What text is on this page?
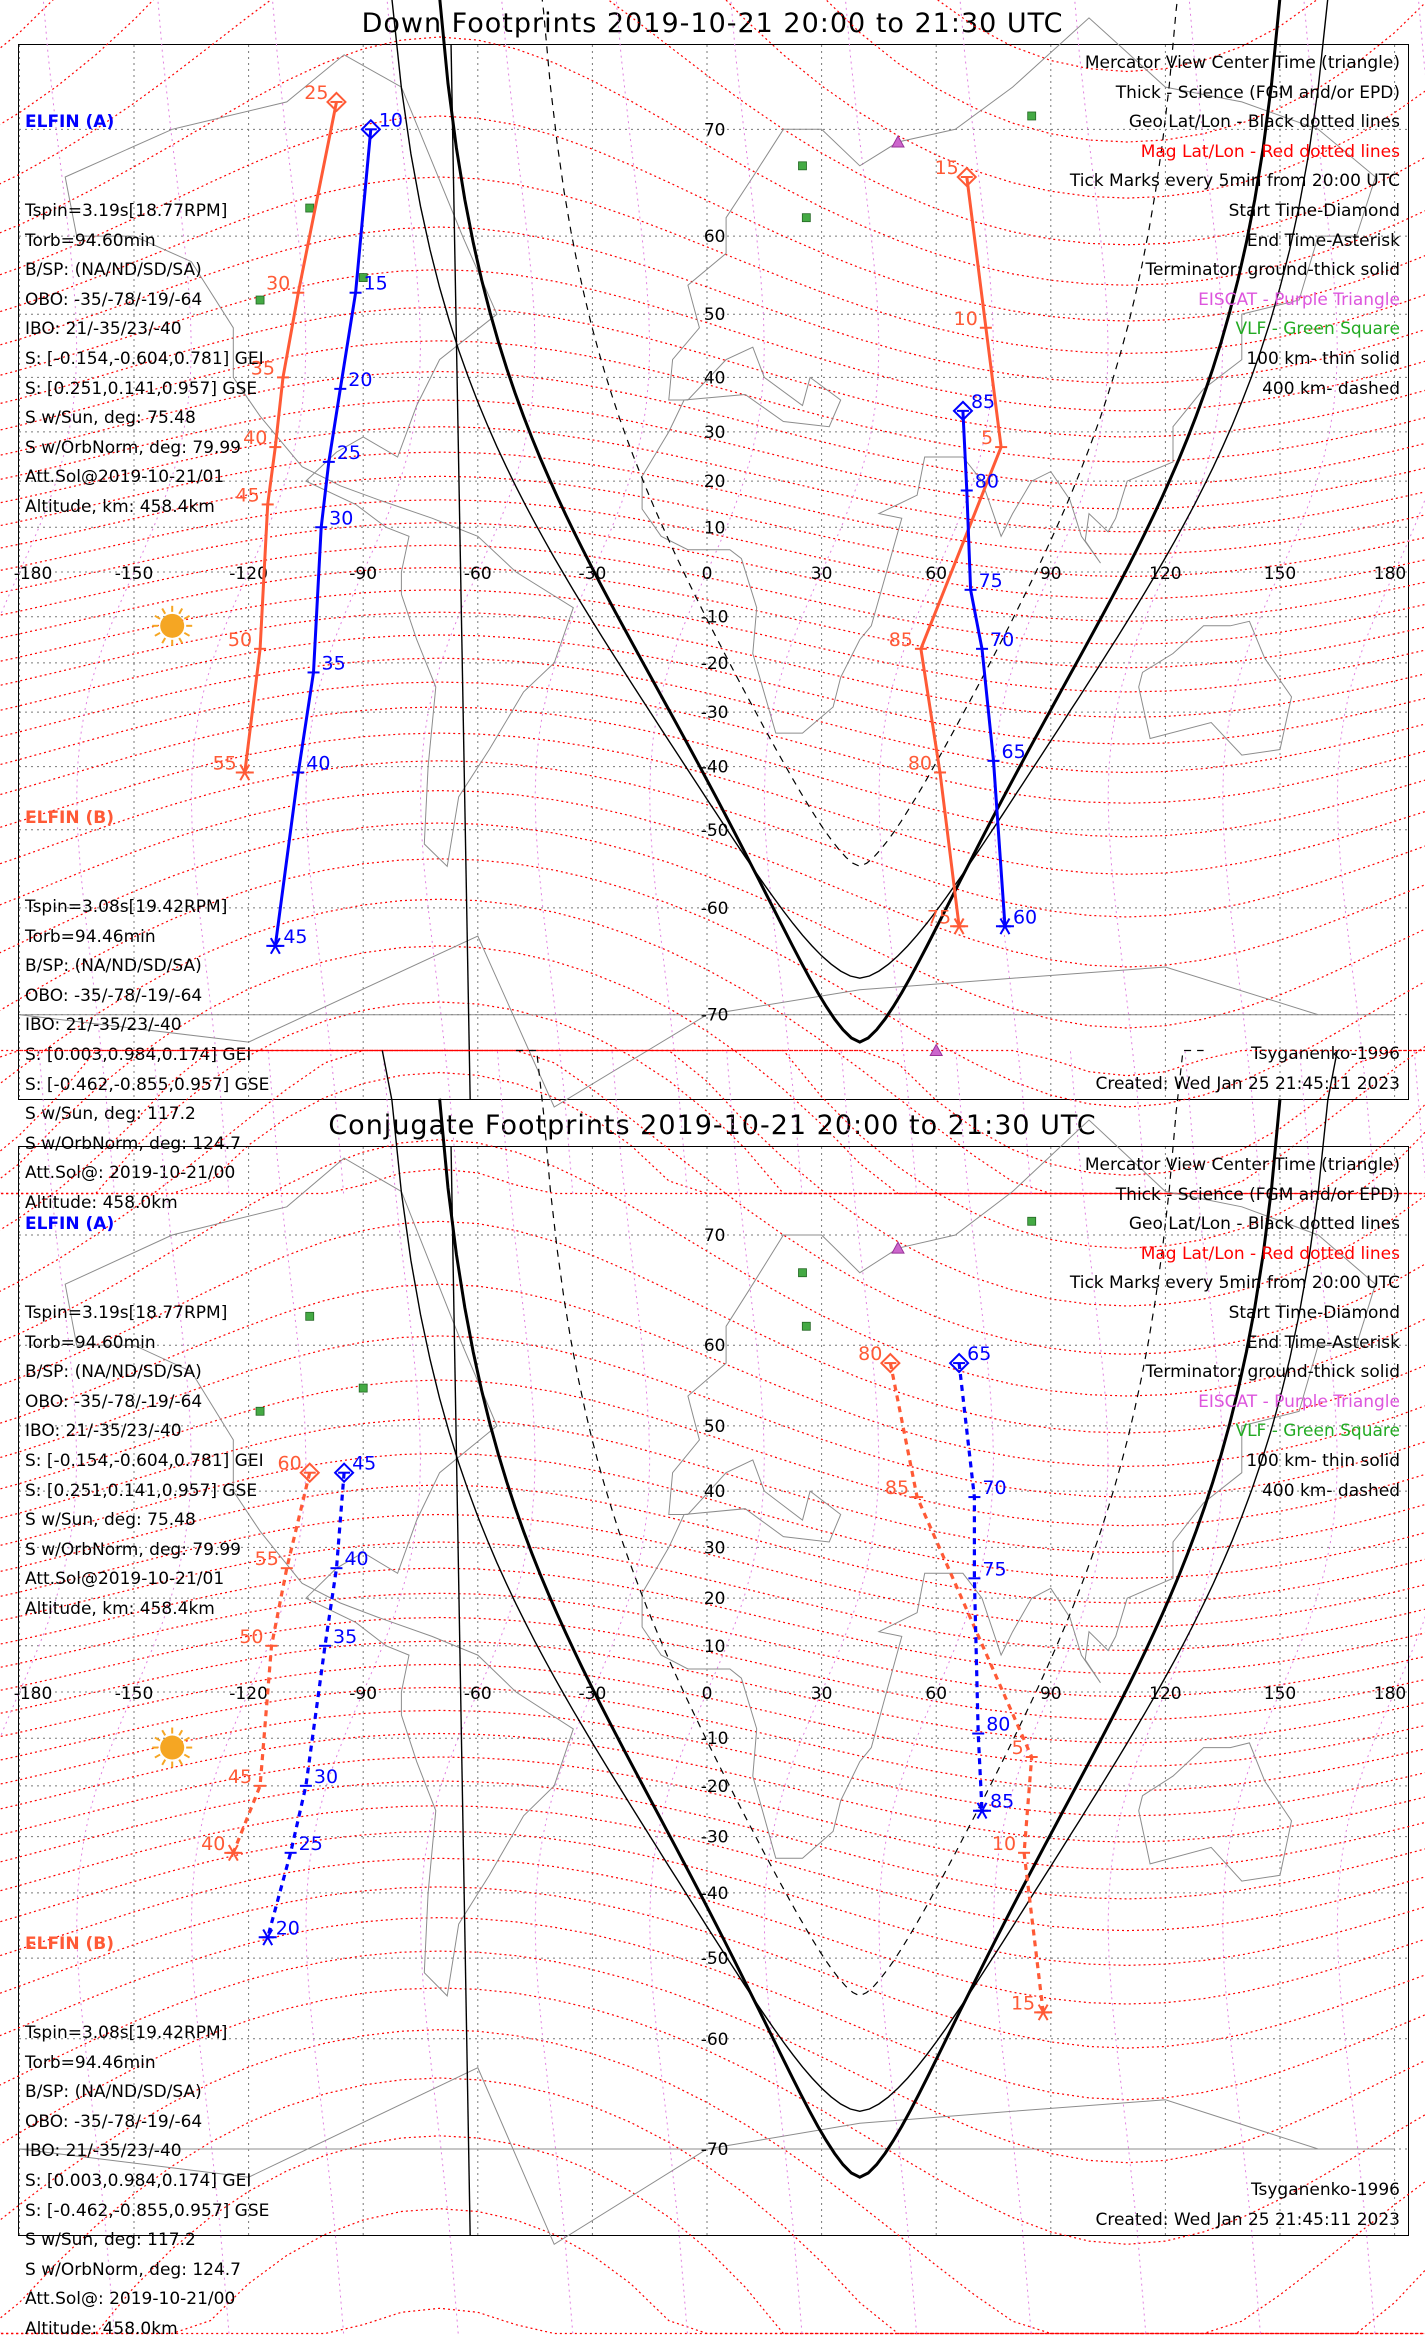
Down Footprints 2019-10-21 20:00 to 21:30 UTC
-180	-150	-120	-90	-60	-30	0	30	60	90	120	150	180
70
60
50
40
30
20
10
-10
-20
-30
-40
-50
-60
-70
25
30
35
40
45
50
55
10
15
20
25
30
35
40
45
15
10
5
85
80
75
85
80
75
70
65
60

ELFIN (A)

Tspin=3.19s[18.77RPM]
Torb=94.60min
B/SP: (NA/ND/SD/SA)
OBO: -35/-78/-19/-64
IBO: 21/-35/23/-40
S: [-0.154,-0.604,0.781] GEI
S: [0.251,0.141,0.957] GSE
S w/Sun, deg: 75.48
S w/OrbNorm, deg: 79.99
Att.Sol@2019-10-21/01
Altitude, km: 458.4km

ELFIN (B)

Tspin=3.08s[19.42RPM]
Torb=94.46min
B/SP: (NA/ND/SD/SA)
OBO: -35/-78/-19/-64
IBO: 21/-35/23/-40
S: [0.003,0.984,0.174] GEI
S: [-0.462,-0.855,0.957] GSE
S w/Sun, deg: 117.2
S w/OrbNorm, deg: 124.7
Att.Sol@: 2019-10-21/00
Altitude: 458.0km

Mercator View Center Time (triangle)
Thick - Science (FGM and/or EPD)
Geo Lat/Lon - Black dotted lines
Mag Lat/Lon - Red dotted lines
Tick Marks every 5min from 20:00 UTC
Start Time-Diamond
End Time-Asterisk
Terminator: ground-thick solid
EISCAT - Purple Triangle
VLF - Green Square
100 km- thin solid
400 km- dashed
Tsyganenko-1996
Created: Wed Jan 25 21:45:11 2023
Conjugate Footprints 2019-10-21 20:00 to 21:30 UTC
-180	-150	-120	-90	-60	-30	0	30	60	90	120	150	180
70
60
50
40
30
20
10
-10
-20
-30
-40
-50
-60
-70
60
55
50
45
40
45
40
35
30
25
20
80
85
5
10
15
65
70
75
80
85

ELFIN (A)

Tspin=3.19s[18.77RPM]
Torb=94.60min
B/SP: (NA/ND/SD/SA)
OBO: -35/-78/-19/-64
IBO: 21/-35/23/-40
S: [-0.154,-0.604,0.781] GEI
S: [0.251,0.141,0.957] GSE
S w/Sun, deg: 75.48
S w/OrbNorm, deg: 79.99
Att.Sol@2019-10-21/01
Altitude, km: 458.4km

ELFIN (B)

Tspin=3.08s[19.42RPM]
Torb=94.46min
B/SP: (NA/ND/SD/SA)
OBO: -35/-78/-19/-64
IBO: 21/-35/23/-40
S: [0.003,0.984,0.174] GEI
S: [-0.462,-0.855,0.957] GSE
S w/Sun, deg: 117.2
S w/OrbNorm, deg: 124.7
Att.Sol@: 2019-10-21/00
Altitude: 458.0km

Mercator View Center Time (triangle)
Thick - Science (FGM and/or EPD)
Geo Lat/Lon - Black dotted lines
Mag Lat/Lon - Red dotted lines
Tick Marks every 5min from 20:00 UTC
Start Time-Diamond
End Time-Asterisk
Terminator: ground-thick solid
EISCAT - Purple Triangle
VLF - Green Square
100 km- thin solid
400 km- dashed
Tsyganenko-1996
Created: Wed Jan 25 21:45:11 2023
